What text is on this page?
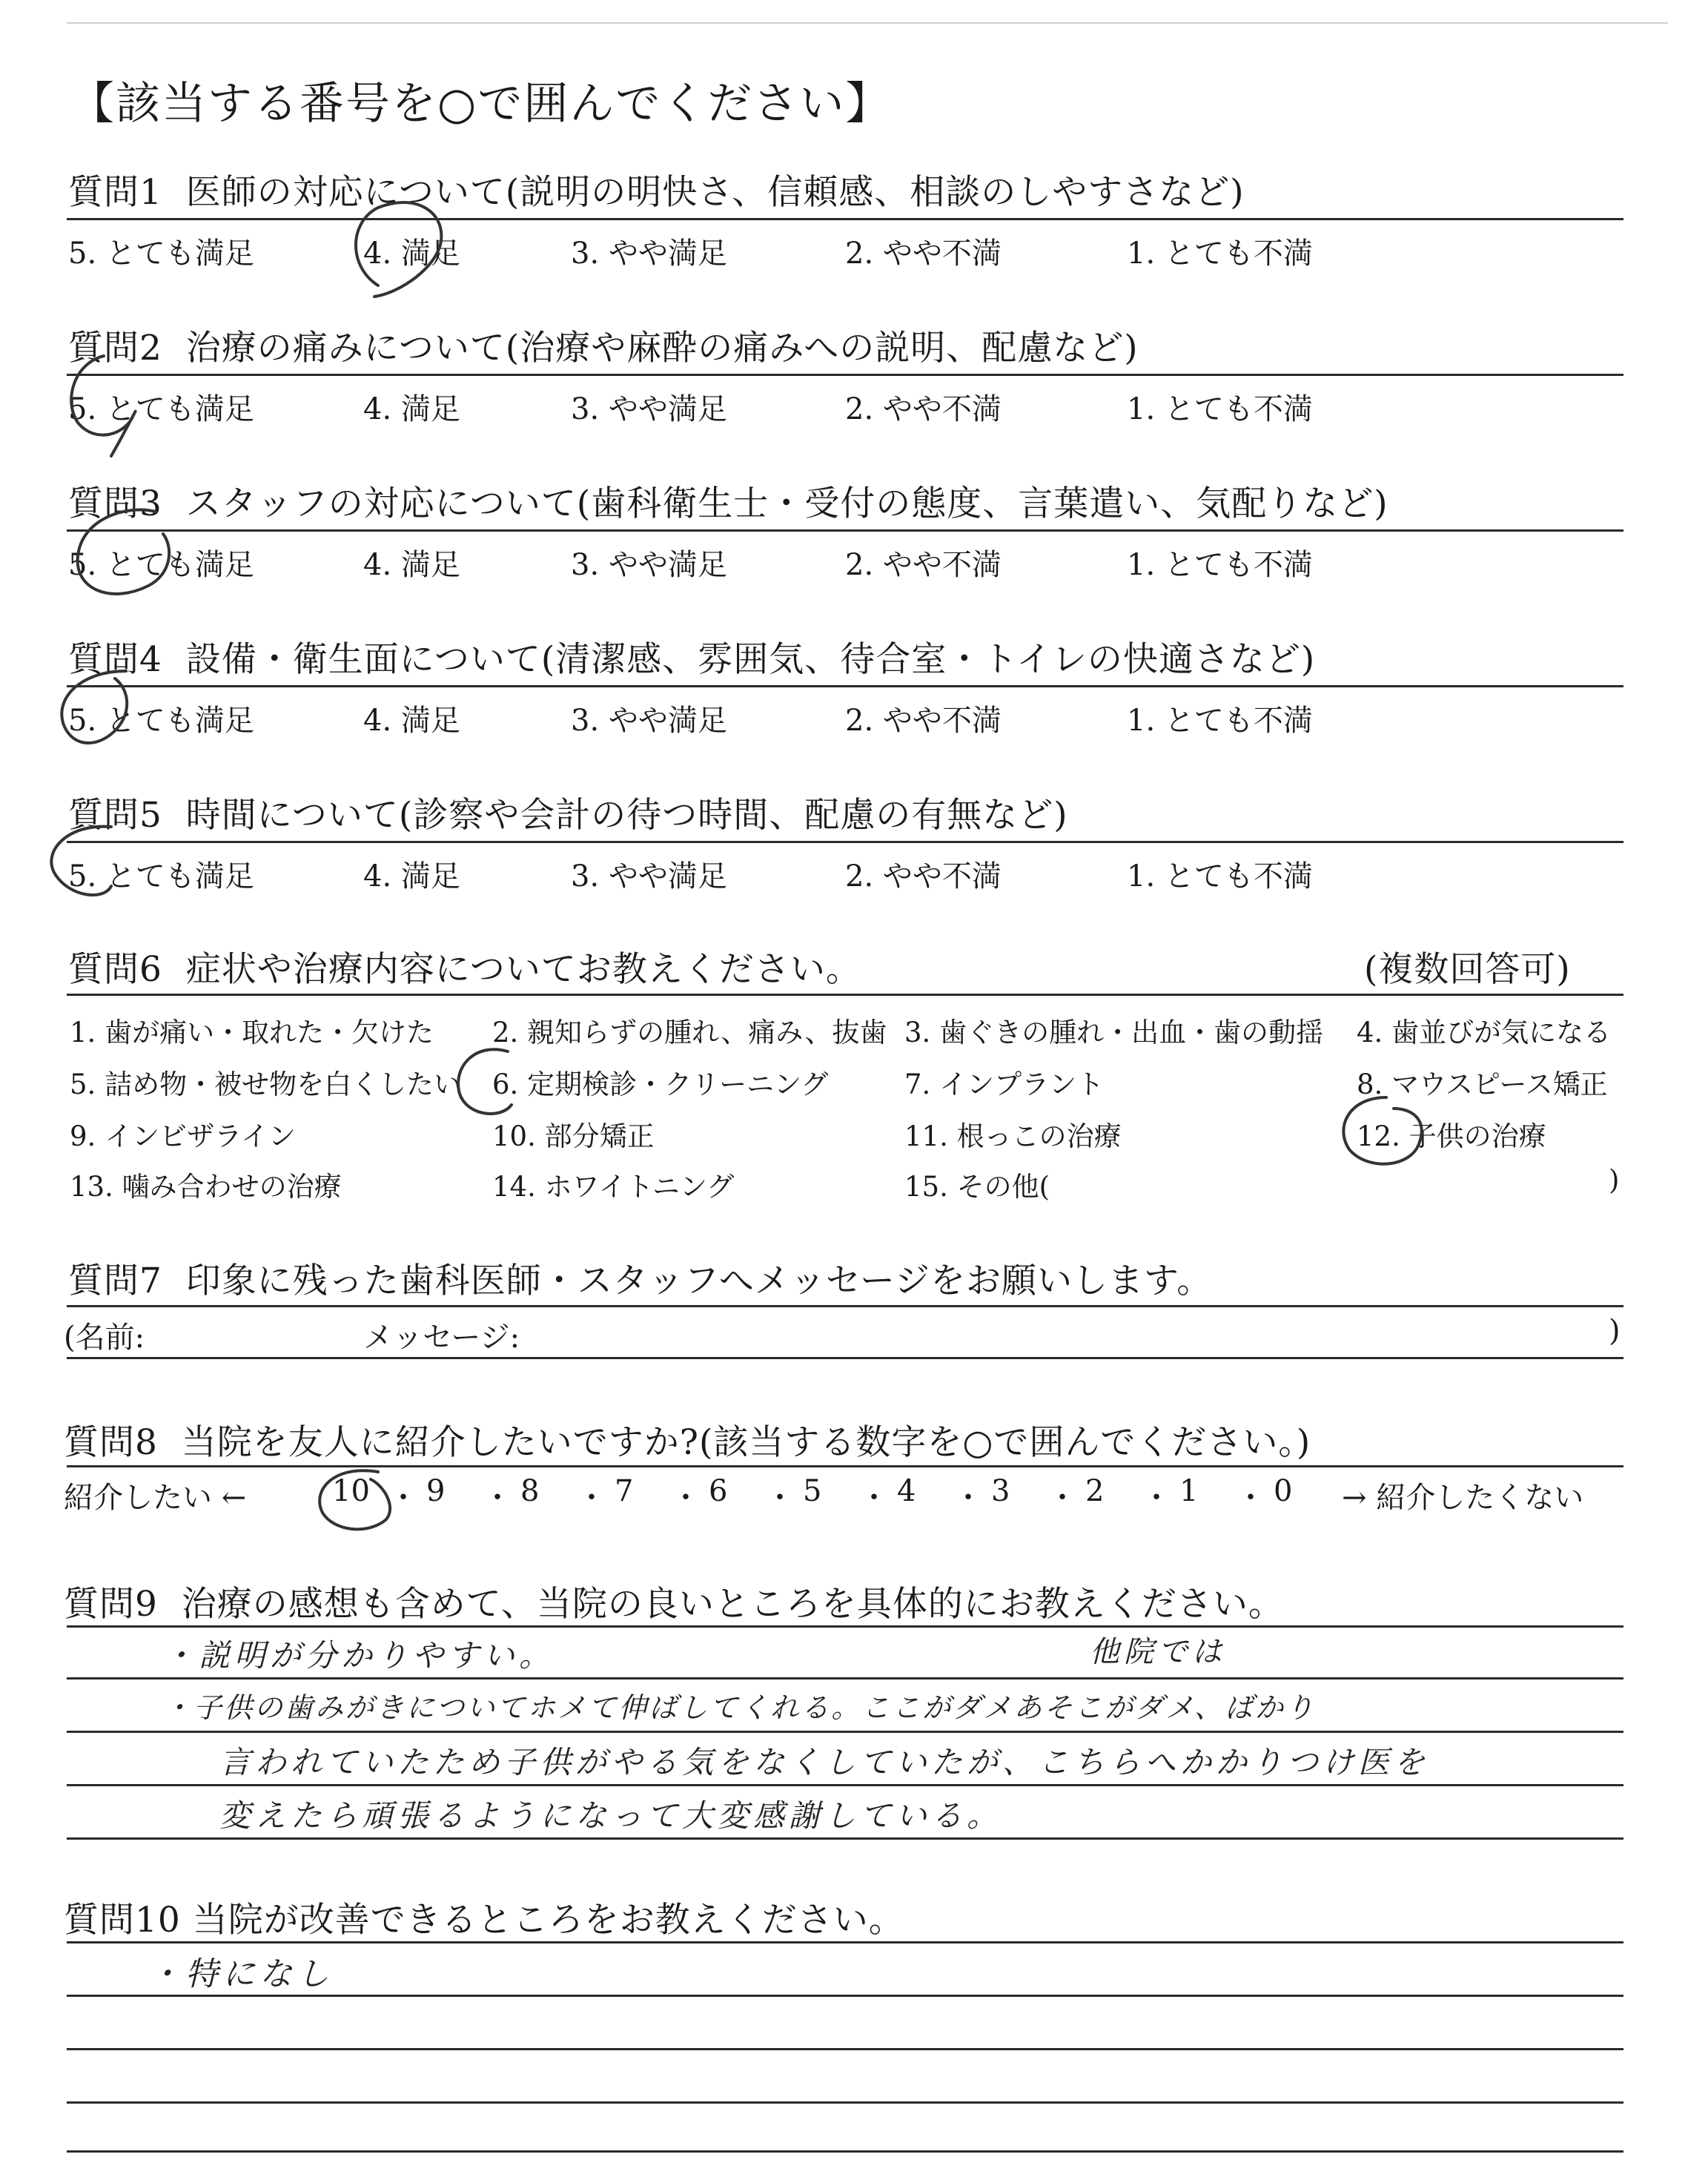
【該当する番号を○で囲んでください】
質問1 医師の対応について(説明の明快さ、信頼感、相談のしやすさなど)
5. とても満足	4. 満足	3. やや満足	2. やや不満	1. とても不満
質問2 治療の痛みについて(治療や麻酔の痛みへの説明、配慮など)
5. とても満足	4. 満足	3. やや満足	2. やや不満	1. とても不満
質問3 スタッフの対応について(歯科衛生士・受付の態度、言葉遣い、気配りなど)
5. とても満足	4. 満足	3. やや満足	2. やや不満	1. とても不満
質問4 設備・衛生面について(清潔感、雰囲気、待合室・トイレの快適さなど)
5. とても満足	4. 満足	3. やや満足	2. やや不満	1. とても不満
質問5 時間について(診察や会計の待つ時間、配慮の有無など)
5. とても満足	4. 満足	3. やや満足	2. やや不満	1. とても不満
質問6 症状や治療内容についてお教えください。	(複数回答可)
1. 歯が痛い・取れた・欠けた 2. 親知らずの腫れ、痛み、抜歯 3. 歯ぐきの腫れ・出血・歯の動揺 4. 歯並びが気になる
5. 詰め物・被せ物を白くしたい 6. 定期検診・クリーニング	7. インプラント	8. マウスピース矯正
9. インビザライン	10. 部分矯正	11. 根っこの治療	12. 子供の治療
13. 噛み合わせの治療	14. ホワイトニング	15. その他(	)
質問7 印象に残った歯科医師・スタッフへメッセージをお願いします。
(名前:	メッセージ:	)
質問8 当院を友人に紹介したいですか?(該当する数字を○で囲んでください。)
紹介したい ←	→ 紹介したくない
10 ・ 9 ・ 8 ・ 7 ・ 6 ・ 5 ・ 4 ・ 3 ・ 2 ・ 1 ・ 0
質問9 治療の感想も含めて、当院の良いところを具体的にお教えください。
・説明が分かりやすい。
・子供の歯みがきについてホメて伸ばしてくれる。ここがダメあそこがダメ、ばかり
言われていたため子供がやる気をなくしていたが、こちらへかかりつけ医を
変えたら頑張るようになって大変感謝している。
他院では
質問10 当院が改善できるところをお教えください。
・特になし
